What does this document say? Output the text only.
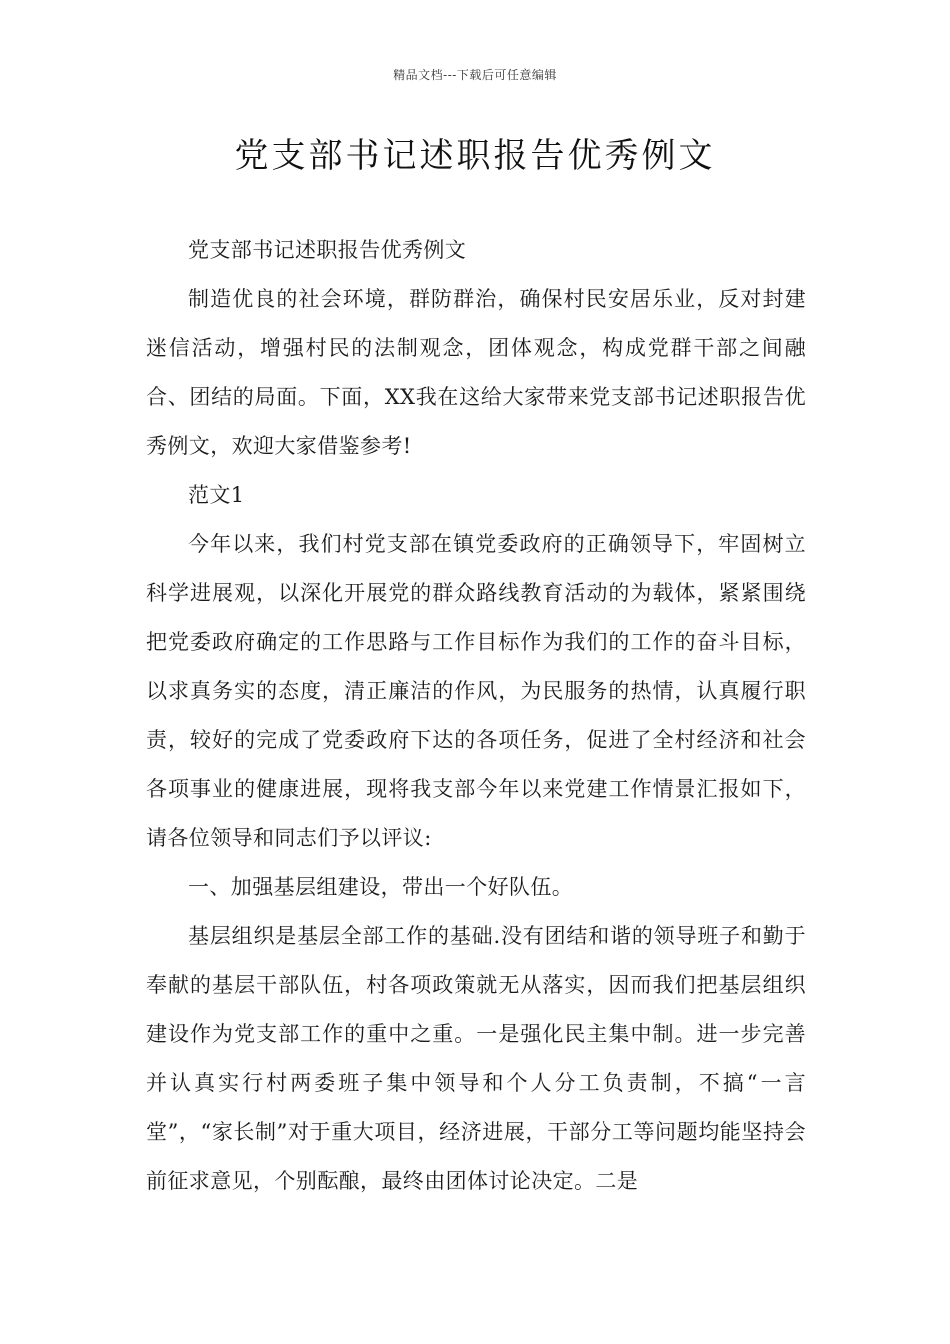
精品文档---下载后可任意编辑
党支部书记述职报告优秀例文

党支部书记述职报告优秀例文

制造优良的社会环境，群防群治，确保村民安居乐业，反对封建迷信活动，增强村民的法制观念，团体观念，构成党群干部之间融合、团结的局面。下面，XX我在这给大家带来党支部书记述职报告优秀例文，欢迎大家借鉴参考!

范文1

今年以来，我们村党支部在镇党委政府的正确领导下，牢固树立科学进展观，以深化开展党的群众路线教育活动的为载体，紧紧围绕把党委政府确定的工作思路与工作目标作为我们的工作的奋斗目标，以求真务实的态度，清正廉洁的作风，为民服务的热情，认真履行职责，较好的完成了党委政府下达的各项任务，促进了全村经济和社会各项事业的健康进展，现将我支部今年以来党建工作情景汇报如下，请各位领导和同志们予以评议:

一、加强基层组建设，带出一个好队伍。

基层组织是基层全部工作的基础.没有团结和谐的领导班子和勤于奉献的基层干部队伍，村各项政策就无从落实，因而我们把基层组织建设作为党支部工作的重中之重。一是强化民主集中制。进一步完善并认真实行村两委班子集中领导和个人分工负责制，不搞“一言堂”，“家长制”对于重大项目，经济进展，干部分工等问题均能坚持会前征求意见，个别酝酿，最终由团体讨论决定。二是
